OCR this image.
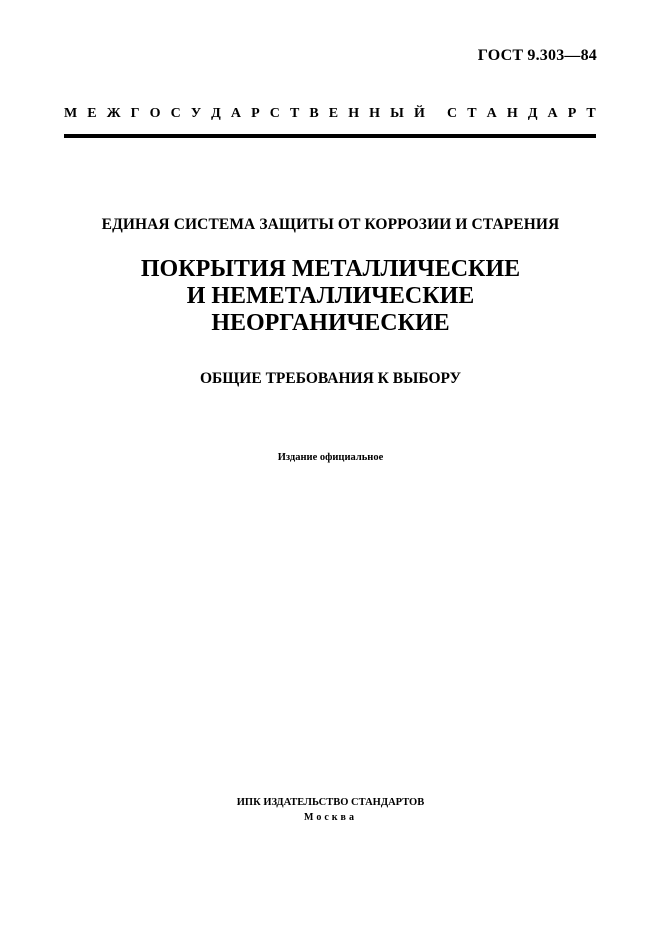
ГОСТ 9.303—84
М Е Ж Г О С У Д А Р С Т В Е Н Н Ы Й С Т А Н Д А Р Т
ЕДИНАЯ СИСТЕМА ЗАЩИТЫ ОТ КОРРОЗИИ И СТАРЕНИЯ
ПОКРЫТИЯ МЕТАЛЛИЧЕСКИЕ
И НЕМЕТАЛЛИЧЕСКИЕ
НЕОРГАНИЧЕСКИЕ
ОБЩИЕ ТРЕБОВАНИЯ К ВЫБОРУ
Издание официальное
ИПК ИЗДАТЕЛЬСТВО СТАНДАРТОВ
Москва
